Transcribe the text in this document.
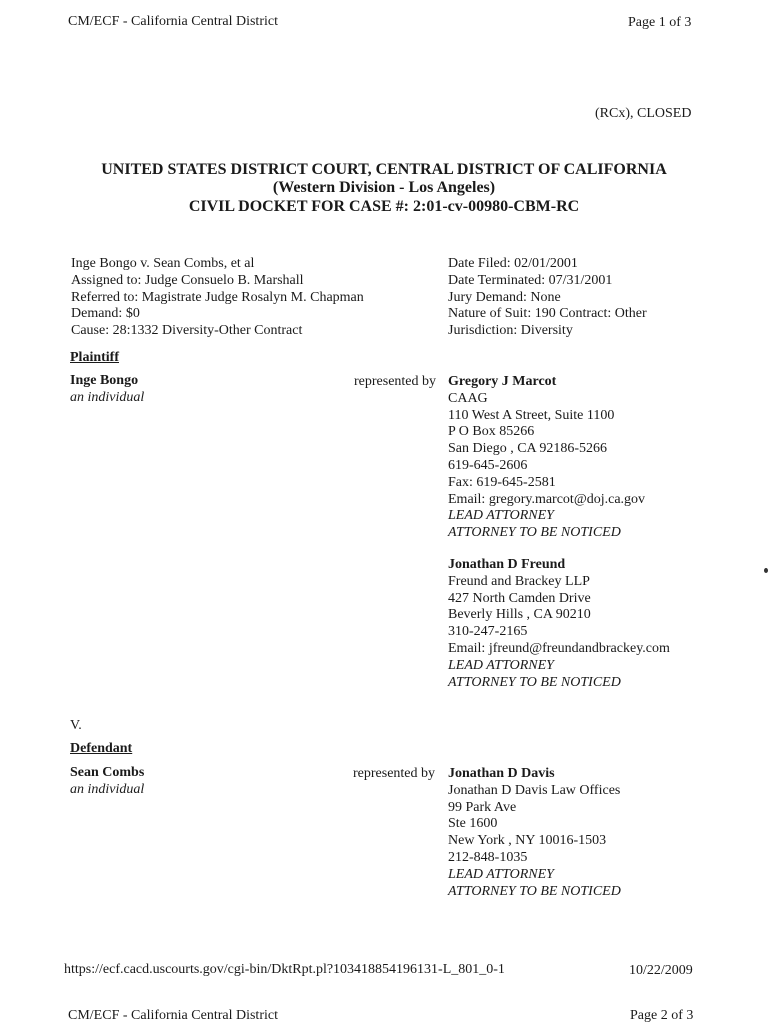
CM/ECF - California Central District	Page 1 of 3
(RCx), CLOSED
UNITED STATES DISTRICT COURT, CENTRAL DISTRICT OF CALIFORNIA
(Western Division - Los Angeles)
CIVIL DOCKET FOR CASE #: 2:01-cv-00980-CBM-RC
Inge Bongo v. Sean Combs, et al
Assigned to: Judge Consuelo B. Marshall
Referred to: Magistrate Judge Rosalyn M. Chapman
Demand: $0
Cause: 28:1332 Diversity-Other Contract
Date Filed: 02/01/2001
Date Terminated: 07/31/2001
Jury Demand: None
Nature of Suit: 190 Contract: Other
Jurisdiction: Diversity
Plaintiff
Inge Bongo
an individual
represented by Gregory J Marcot
CAAG
110 West A Street, Suite 1100
P O Box 85266
San Diego , CA 92186-5266
619-645-2606
Fax: 619-645-2581
Email: gregory.marcot@doj.ca.gov
LEAD ATTORNEY
ATTORNEY TO BE NOTICED
Jonathan D Freund
Freund and Brackey LLP
427 North Camden Drive
Beverly Hills , CA 90210
310-247-2165
Email: jfreund@freundandbrackey.com
LEAD ATTORNEY
ATTORNEY TO BE NOTICED
V.
Defendant
Sean Combs
an individual
represented by Jonathan D Davis
Jonathan D Davis Law Offices
99 Park Ave
Ste 1600
New York , NY 10016-1503
212-848-1035
LEAD ATTORNEY
ATTORNEY TO BE NOTICED
https://ecf.cacd.uscourts.gov/cgi-bin/DktRpt.pl?103418854196131-L_801_0-1	10/22/2009
CM/ECF - California Central District	Page 2 of 3
